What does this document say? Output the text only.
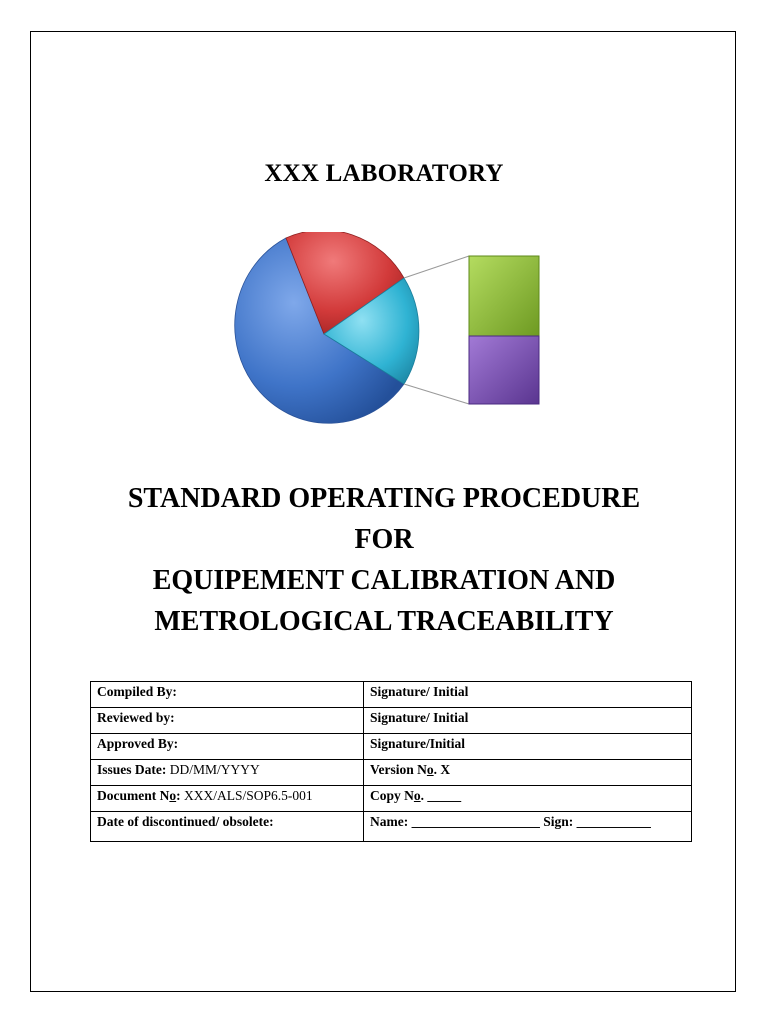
XXX LABORATORY
STANDARD OPERATING PROCEDURE
FOR
EQUIPEMENT CALIBRATION AND
METROLOGICAL TRACEABILITY
Compiled By:	Signature/ Initial
Reviewed by:	Signature/ Initial
Approved By:	Signature/Initial
Issues Date: DD/MM/YYYY	Version No. X
Document No: XXX/ALS/SOP6.5-001	Copy No. _____
Date of discontinued/ obsolete:	Name: ___________________ Sign: ___________
